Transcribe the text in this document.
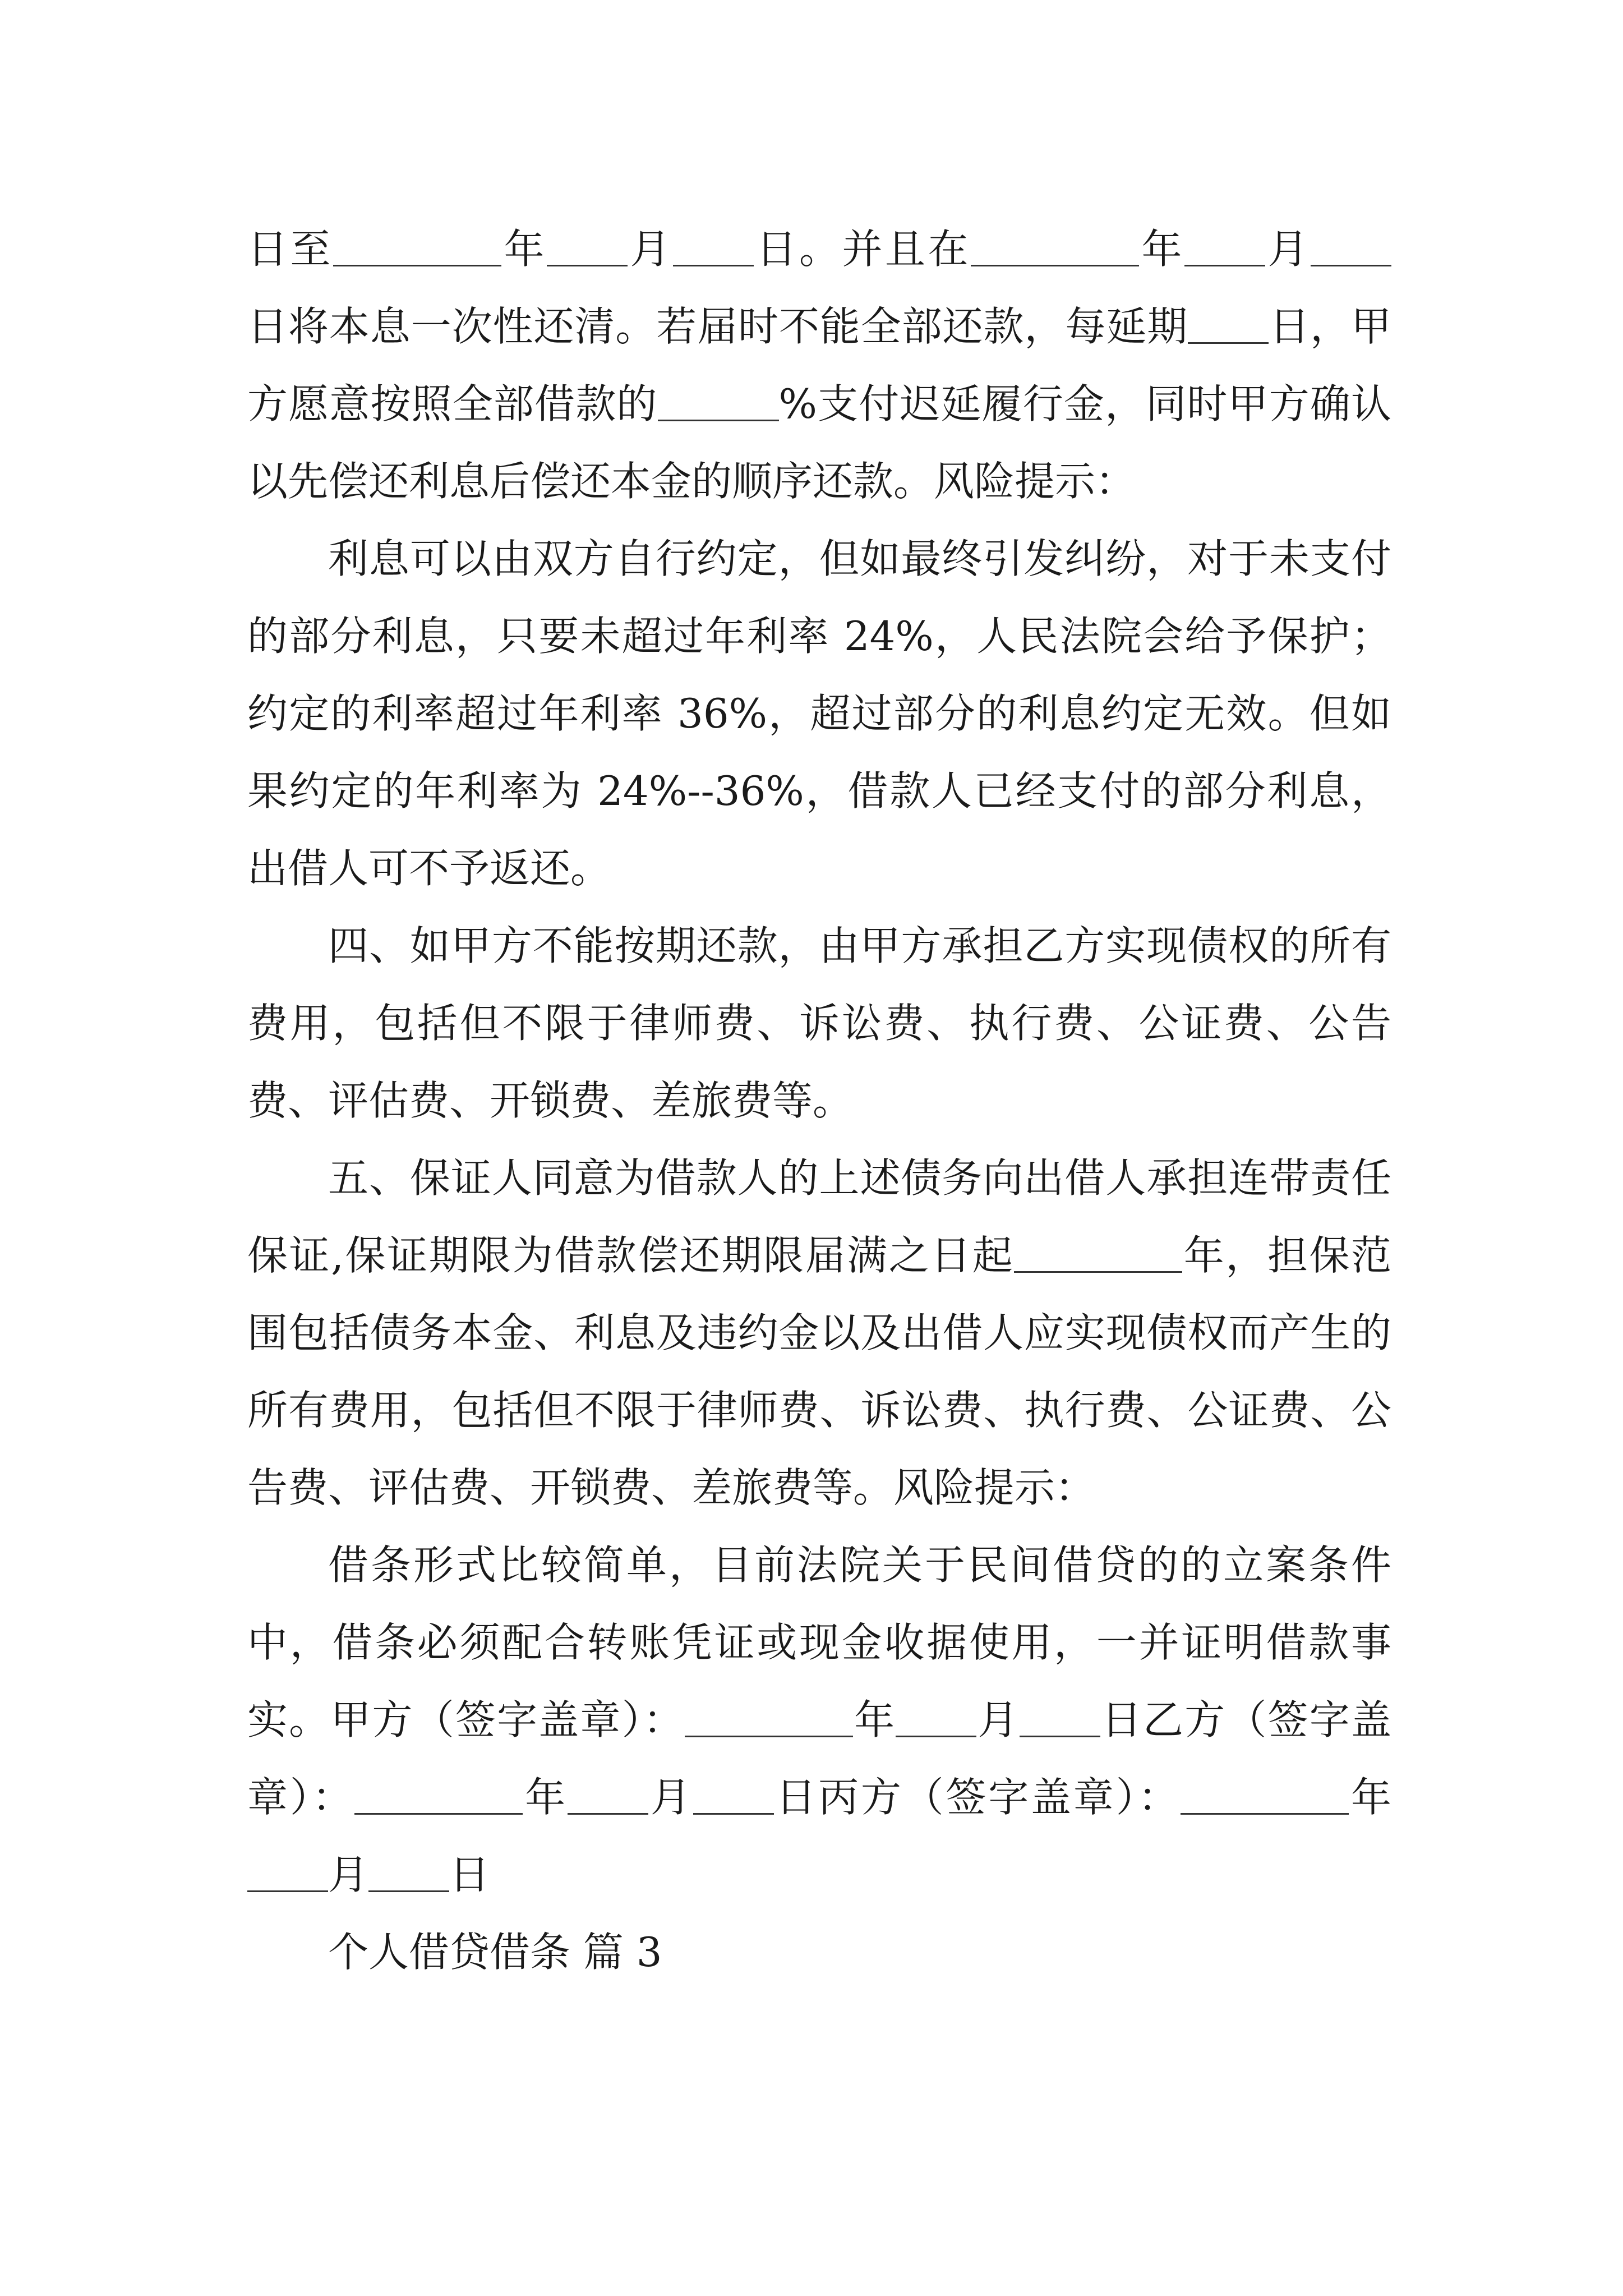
日至	年 月 日。并且在	年 月日将本息一次性还清。若届时不能全部还款，每延期 日，甲方愿意按照全部借款的	%支付迟延履行金，同时甲方确认以先偿还利息后偿还本金的顺序还款。风险提示：

利息可以由双方自行约定，但如最终引发纠纷，对于未支付的部分利息，只要未超过年利率 24%，人民法院会给予保护；约定的利率超过年利率 36%，超过部分的利息约定无效。但如果约定的年利率为 24%--36%，借款人已经支付的部分利息，出借人可不予返还。

四、如甲方不能按期还款，由甲方承担乙方实现债权的所有费用，包括但不限于律师费、诉讼费、执行费、公证费、公告费、评估费、开锁费、差旅费等。

五、保证人同意为借款人的上述债务向出借人承担连带责任保证,保证期限为借款偿还期限届满之日起	年，担保范围包括债务本金、利息及违约金以及出借人应实现债权而产生的所有费用，包括但不限于律师费、诉讼费、执行费、公证费、公告费、评估费、开锁费、差旅费等。风险提示：

借条形式比较简单，目前法院关于民间借贷的的立案条件中，借条必须配合转账凭证或现金收据使用，一并证明借款事实。甲方（签字盖章）：	年 月 日乙方（签字盖章）：	年 月 日丙方（签字盖章）：	年月 日

个人借贷借条 篇 3
